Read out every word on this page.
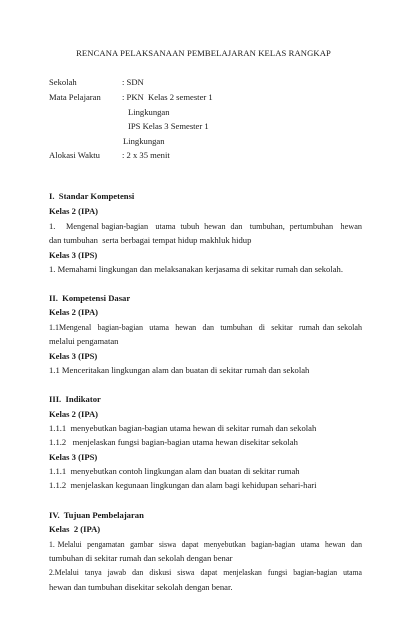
RENCANA PELAKSANAAN PEMBELAJARAN KELAS RANGKAP
Sekolah	: SDN
Mata Pelajaran : PKN  Kelas 2 semester 1
Lingkungan
IPS Kelas 3 Semester 1
Lingkungan
Alokasi Waktu	: 2 x 35 menit
I.  Standar Kompetensi
Kelas 2 (IPA)
1. Mengenal bagian-bagian   utama  tubuh  hewan  dan   tumbuhan,  pertumbuhan   hewan
dan tumbuhan  serta berbagai tempat hidup makhluk hidup
Kelas 3 (IPS)
1. Memahami lingkungan dan melaksanakan kerjasama di sekitar rumah dan sekolah.
II.  Kompetensi Dasar
Kelas 2 (IPA)
1.1Mengenal  bagian-bagian  utama  hewan  dan  tumbuhan  di  sekitar  rumah dan sekolah
melalui pengamatan
Kelas 3 (IPS)
1.1 Menceritakan lingkungan alam dan buatan di sekitar rumah dan sekolah
III.  Indikator
Kelas 2 (IPA)
1.1.1  menyebutkan bagian-bagian utama hewan di sekitar rumah dan sekolah
1.1.2   menjelaskan fungsi bagian-bagian utama hewan disekitar sekolah
Kelas 3 (IPS)
1.1.1  menyebutkan contoh lingkungan alam dan buatan di sekitar rumah
1.1.2  menjelaskan kegunaan lingkungan dan alam bagi kehidupan sehari-hari
IV.  Tujuan Pembelajaran
Kelas  2 (IPA)
1. Melalui  pengamatan  gambar  siswa  dapat  menyebutkan  bagian-bagian  utama  hewan  dan
tumbuhan di sekitar rumah dan sekolah dengan benar
2.Melalui  tanya  jawab  dan  diskusi  siswa  dapat  menjelaskan  fungsi  bagian-bagian  utama
hewan dan tumbuhan disekitar sekolah dengan benar.
